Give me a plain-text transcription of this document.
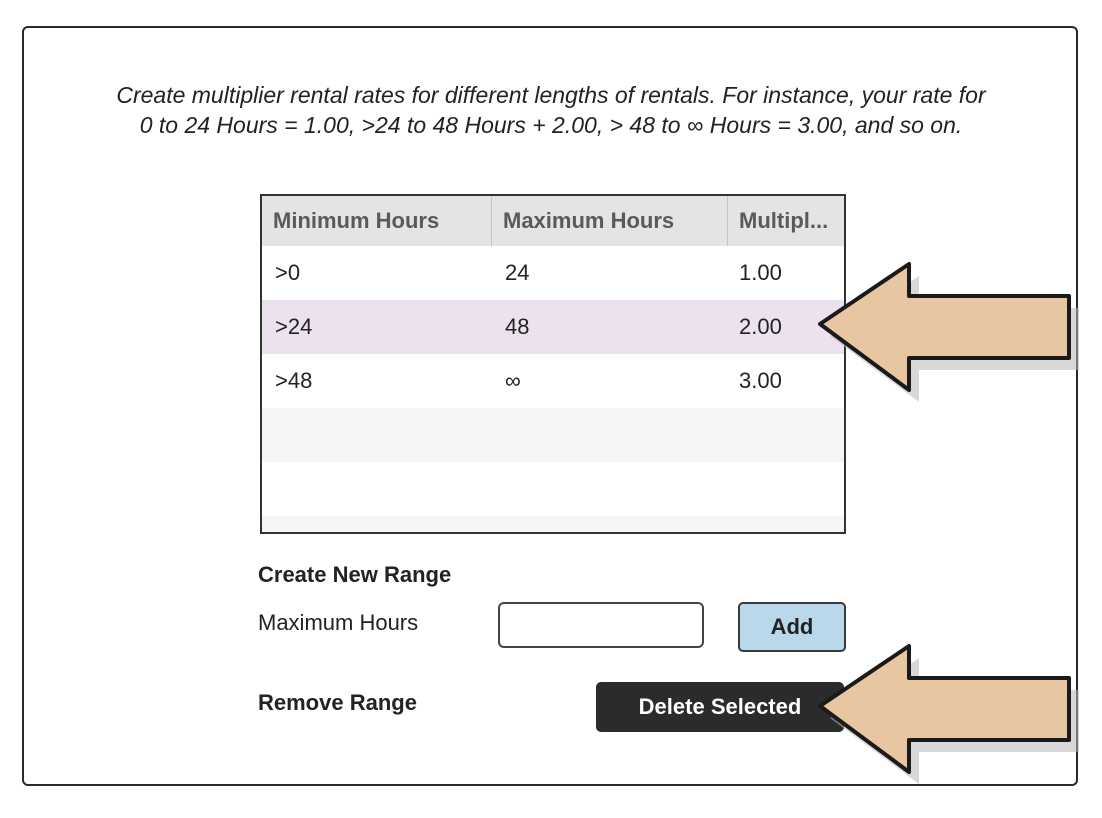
Create multiplier rental rates for different lengths of rentals. For instance, your rate for
0 to 24 Hours = 1.00, >24 to 48 Hours + 2.00, > 48 to ∞ Hours = 3.00, and so on.
Minimum Hours	Maximum Hours	Multipl...
>0	24	1.00
>24	48	2.00
>48	∞	3.00
Create New Range
Maximum Hours	Add
Remove Range	Delete Selected
